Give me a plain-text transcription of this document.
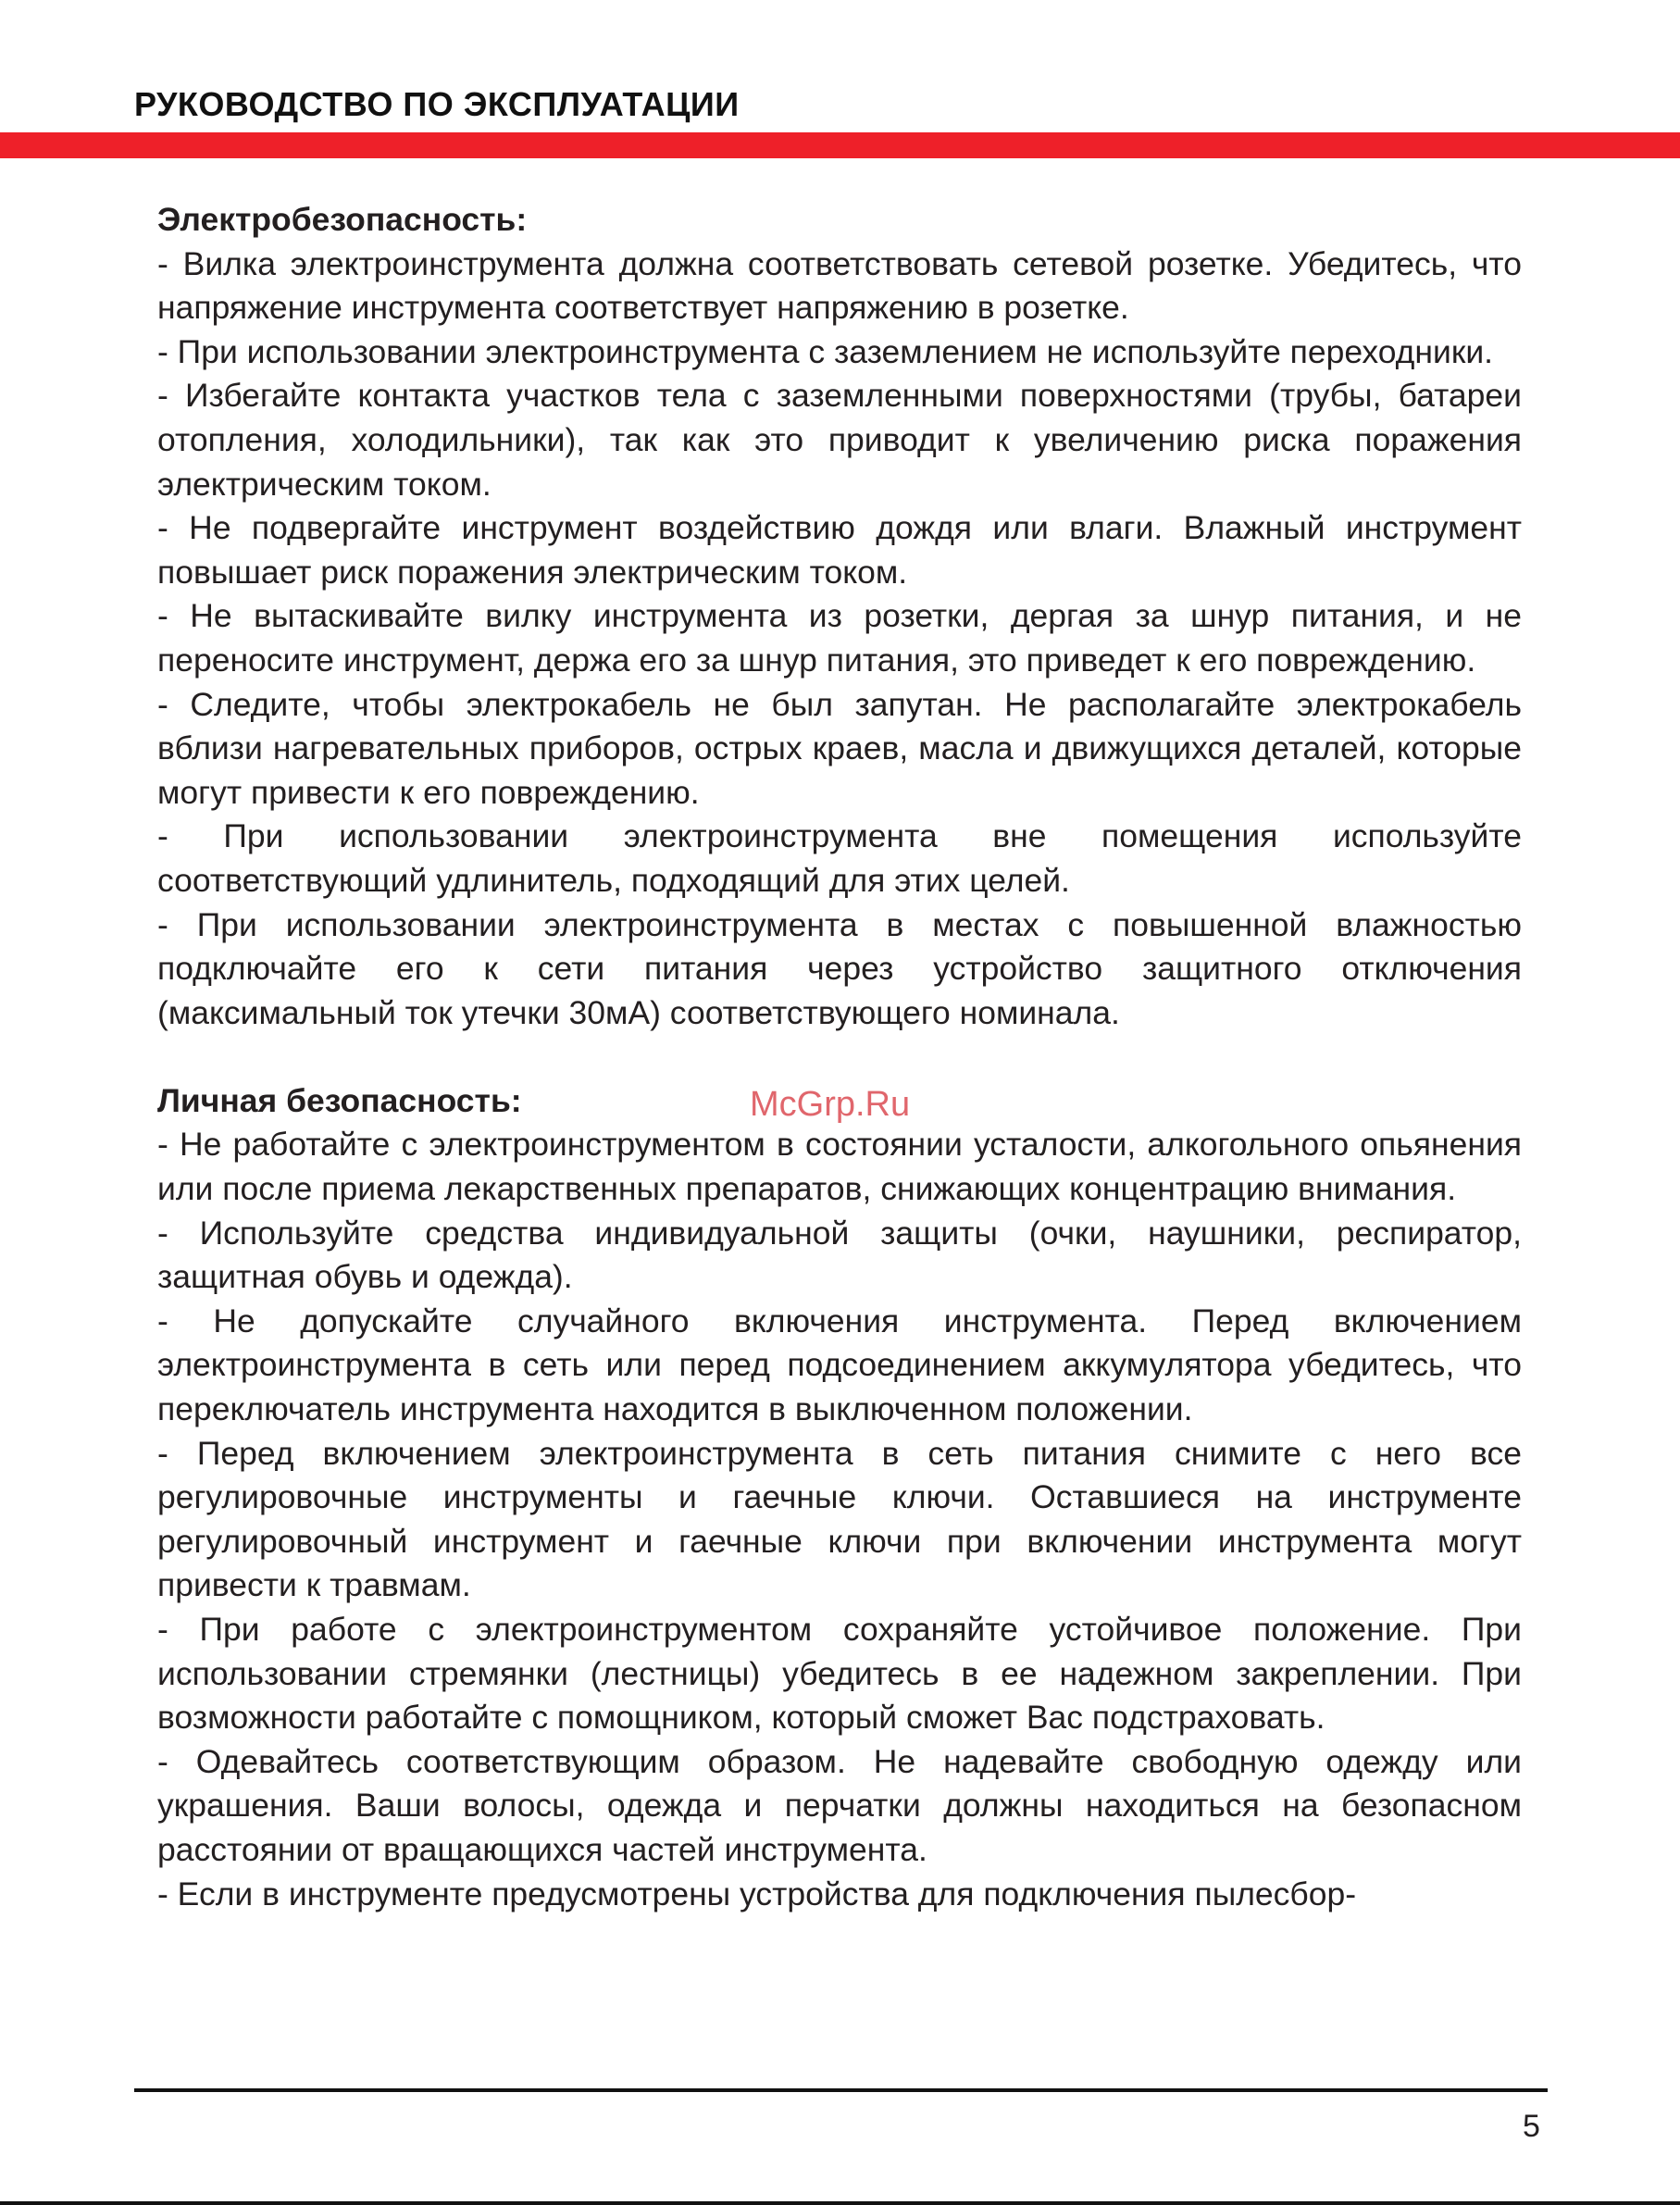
РУКОВОДСТВО ПО ЭКСПЛУАТАЦИИ

Электробезопасность:

- Вилка электроинструмента должна соответствовать сетевой розетке. Убедитесь, что напряжение инструмента соответствует напряжению в розетке.

- При использовании электроинструмента с заземлением не используйте переходники.

- Избегайте контакта участков тела с заземленными поверхностями (трубы, батареи отопления, холодильники), так как это приводит к увеличению риска поражения электрическим током.

- Не подвергайте инструмент воздействию дождя или влаги. Влажный инструмент повышает риск поражения электрическим током.

- Не вытаскивайте вилку инструмента из розетки, дергая за шнур питания, и не переносите инструмент, держа его за шнур питания, это приведет к его повреждению.

- Следите, чтобы электрокабель не был запутан. Не располагайте электрокабель вблизи нагревательных приборов, острых краев, масла и движущихся деталей, которые могут привести к его повреждению.

- При использовании электроинструмента вне помещения используйте соответствующий удлинитель, подходящий для этих целей.

- При использовании электроинструмента в местах с повышенной влажностью подключайте его к сети питания через устройство защитного отключения (максимальный ток утечки 30мА) соответствующего номинала.

Личная безопасность:

- Не работайте с электроинструментом в состоянии усталости, алкогольного опьянения или после приема лекарственных препаратов, снижающих концентрацию внимания.

- Используйте средства индивидуальной защиты (очки, наушники, респиратор, защитная обувь и одежда).

- Не допускайте случайного включения инструмента. Перед включением электроинструмента в сеть или перед подсоединением аккумулятора убедитесь, что переключатель инструмента находится в выключенном положении.

- Перед включением электроинструмента в сеть питания снимите с него все регулировочные инструменты и гаечные ключи. Оставшиеся на инструменте регулировочный инструмент и гаечные ключи при включении инструмента могут привести к травмам.

- При работе с электроинструментом сохраняйте устойчивое положение. При использовании стремянки (лестницы) убедитесь в ее надежном закреплении. При возможности работайте с помощником, который сможет Вас подстраховать.

- Одевайтесь соответствующим образом. Не надевайте свободную одежду или украшения. Ваши волосы, одежда и перчатки должны находиться на безопасном расстоянии от вращающихся частей инструмента.

- Если в инструменте предусмотрены устройства для подключения пылесбор-

McGrp.Ru
5
